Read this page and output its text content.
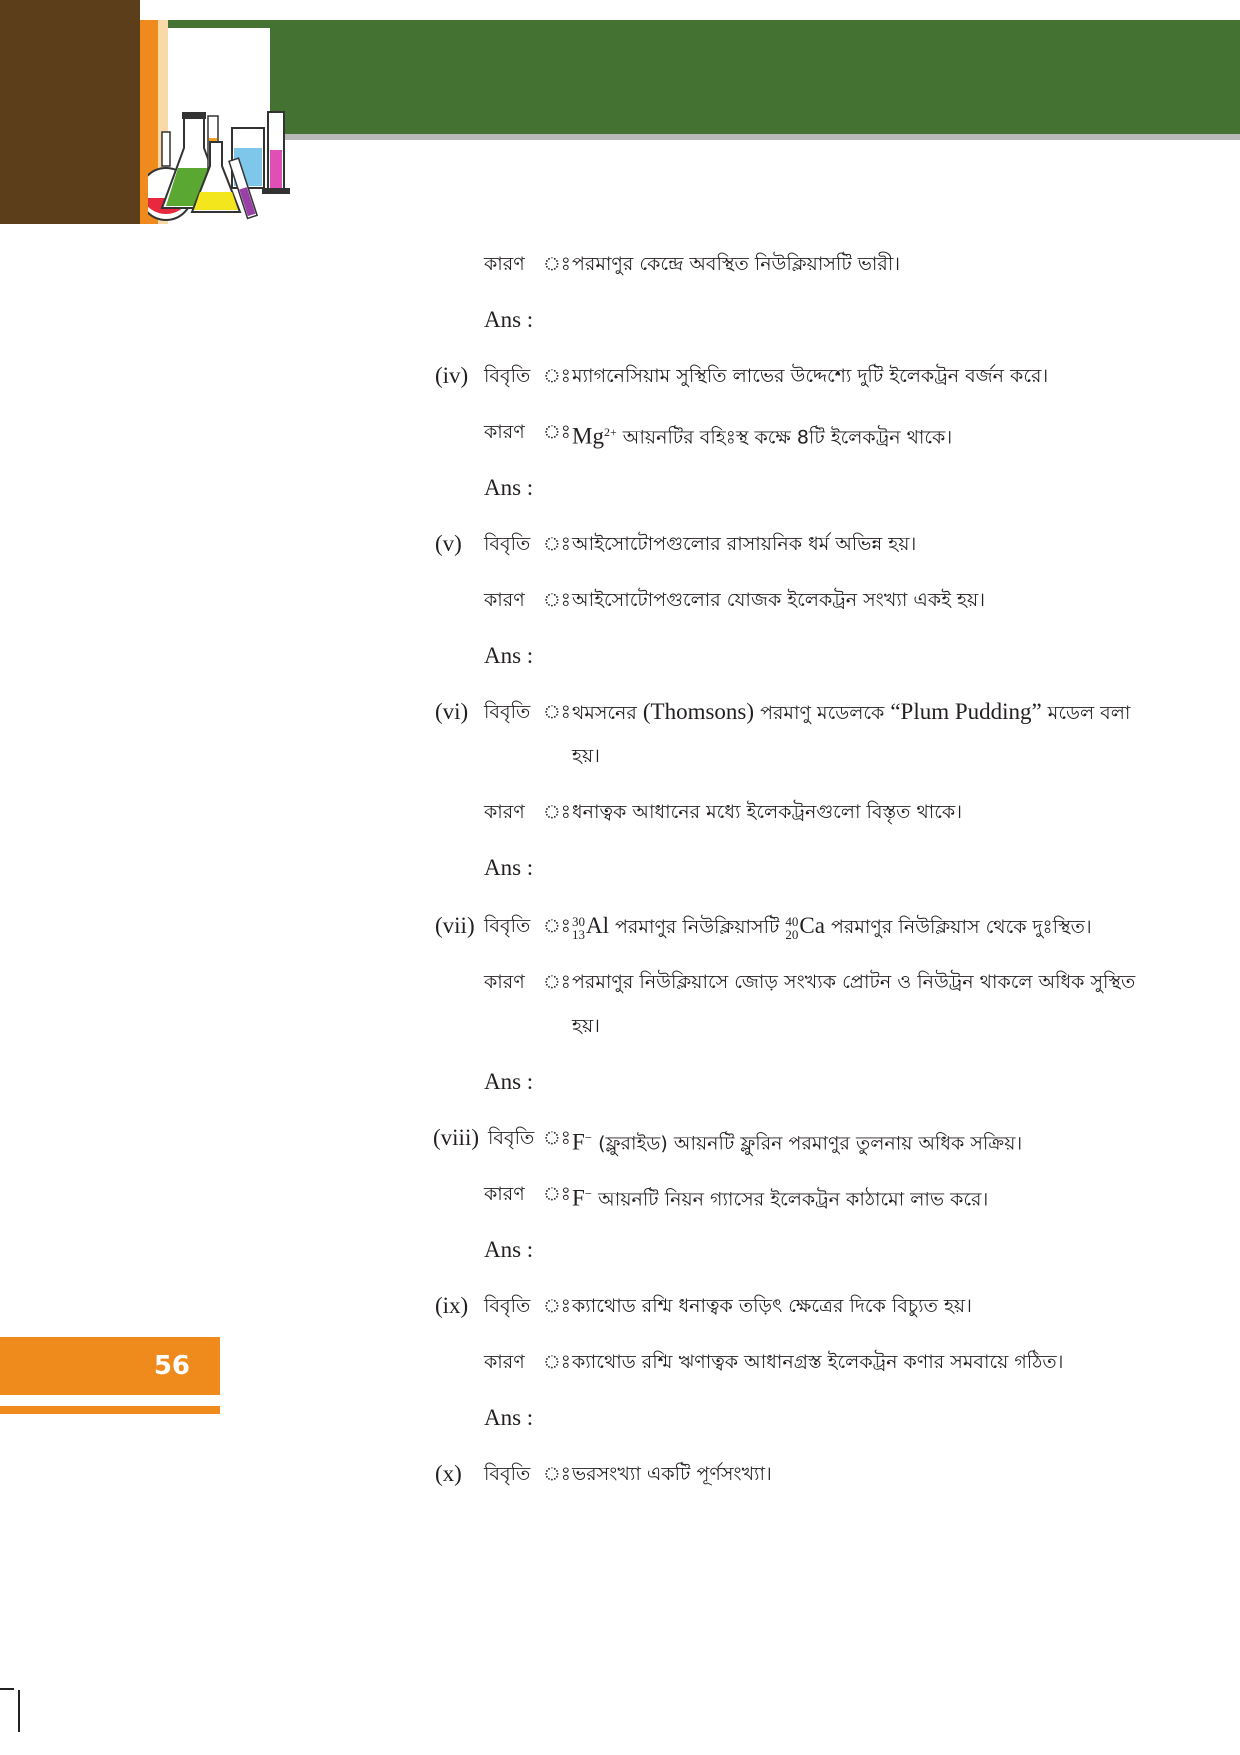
56
কারণ ঃ পরমাণুর কেন্দ্রে অবস্থিত নিউক্লিয়াসটি ভারী।
Ans :
(iv) বিবৃতি ঃ ম্যাগনেসিয়াম সুস্থিতি লাভের উদ্দেশ্যে দুটি ইলেকট্রন বর্জন করে।
কারণ ঃ $Mg^{2+}$ আয়নটির বহিঃস্থ কক্ষে 8টি ইলেকট্রন থাকে।
Ans :
(v) বিবৃতি ঃ আইসোটোপগুলোর রাসায়নিক ধর্ম অভিন্ন হয়।
কারণ ঃ আইসোটোপগুলোর যোজক ইলেকট্রন সংখ্যা একই হয়।
Ans :
(vi) বিবৃতি ঃ থমসনের (Thomsons) পরমাণু মডেলকে “Plum Pudding” মডেল বলা
হয়।
কারণ ঃ ধনাত্বক আধানের মধ্যে ইলেকট্রনগুলো বিস্তৃত থাকে।
Ans :
(vii) বিবৃতি ঃ 30
13 Al পরমাণুর নিউক্লিয়াসটি 40
20 Ca পরমাণুর নিউক্লিয়াস থেকে দুঃস্থিত।
কারণ ঃ পরমাণুর নিউক্লিয়াসে জোড় সংখ্যক প্রোটন ও নিউট্রন থাকলে অধিক সুস্থিত
হয়।
Ans :
(viii) বিবৃতি ঃ F− (ফ্লুরাইড) আয়নটি ফ্লুরিন পরমাণুর তুলনায় অধিক সক্রিয়।
কারণ ঃ F− আয়নটি নিয়ন গ্যাসের ইলেকট্রন কাঠামো লাভ করে।
Ans :
(ix) বিবৃতি ঃ ক্যাথোড রশ্মি ধনাত্বক তড়িৎ ক্ষেত্রের দিকে বিচ্যুত হয়।
কারণ ঃ ক্যাথোড রশ্মি ঋণাত্বক আধানগ্রস্ত ইলেকট্রন কণার সমবায়ে গঠিত।
Ans :
(x) বিবৃতি ঃ ভরসংখ্যা একটি পূর্ণসংখ্যা।
